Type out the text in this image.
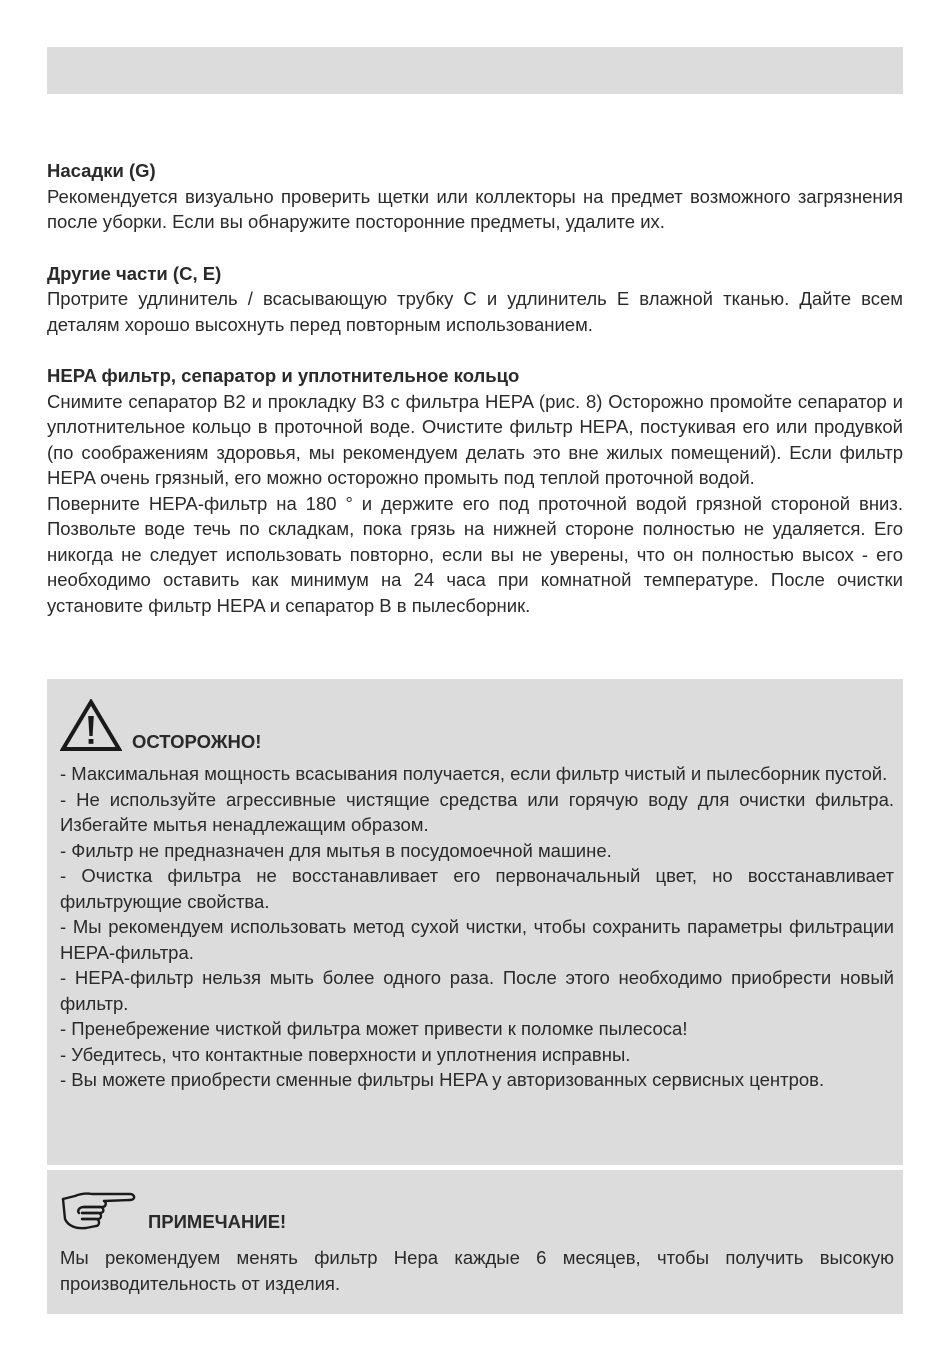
Насадки (G)

Рекомендуется визуально проверить щетки или коллекторы на предмет возможного загрязнения после уборки. Если вы обнаружите посторонние предметы, удалите их.

Другие части (C, E)

Протрите удлинитель / всасывающую трубку С и удлинитель Е влажной тканью. Дайте всем деталям хорошо высохнуть перед повторным использованием.

HEPA фильтр, сепаратор и уплотнительное кольцо

Снимите сепаратор B2 и прокладку B3 с фильтра HEPA (рис. 8) Осторожно промойте сепаратор и уплотнительное кольцо в проточной воде. Очистите фильтр HEPA, постукивая его или продувкой (по соображениям здоровья, мы рекомендуем делать это вне жилых помещений). Если фильтр HEPA очень грязный, его можно осторожно промыть под теплой проточной водой.

Поверните HEPA-фильтр на 180 ° и держите его под проточной водой грязной стороной вниз. Позвольте воде течь по складкам, пока грязь на нижней стороне полностью не удаляется. Его никогда не следует использовать повторно, если вы не уверены, что он полностью высох - его необходимо оставить как минимум на 24 часа при комнатной температуре. После очистки установите фильтр HEPA и сепаратор B в пылесборник.

ОСТОРОЖНО!

- Максимальная мощность всасывания получается, если фильтр чистый и пылесборник пустой.

- Не используйте агрессивные чистящие средства или горячую воду для очистки фильтра. Избегайте мытья ненадлежащим образом.

- Фильтр не предназначен для мытья в посудомоечной машине.

- Очистка фильтра не восстанавливает его первоначальный цвет, но восстанавливает фильтрующие свойства.

- Мы рекомендуем использовать метод сухой чистки, чтобы сохранить параметры фильтрации HEPA-фильтра.

- HEPA-фильтр нельзя мыть более одного раза. После этого необходимо приобрести новый фильтр.

- Пренебрежение чисткой фильтра может привести к поломке пылесоса!

- Убедитесь, что контактные поверхности и уплотнения исправны.

- Вы можете приобрести сменные фильтры HEPA у авторизованных сервисных центров.

ПРИМЕЧАНИЕ!

Мы рекомендуем менять фильтр Hepa каждые 6 месяцев, чтобы получить высокую производительность от изделия.
